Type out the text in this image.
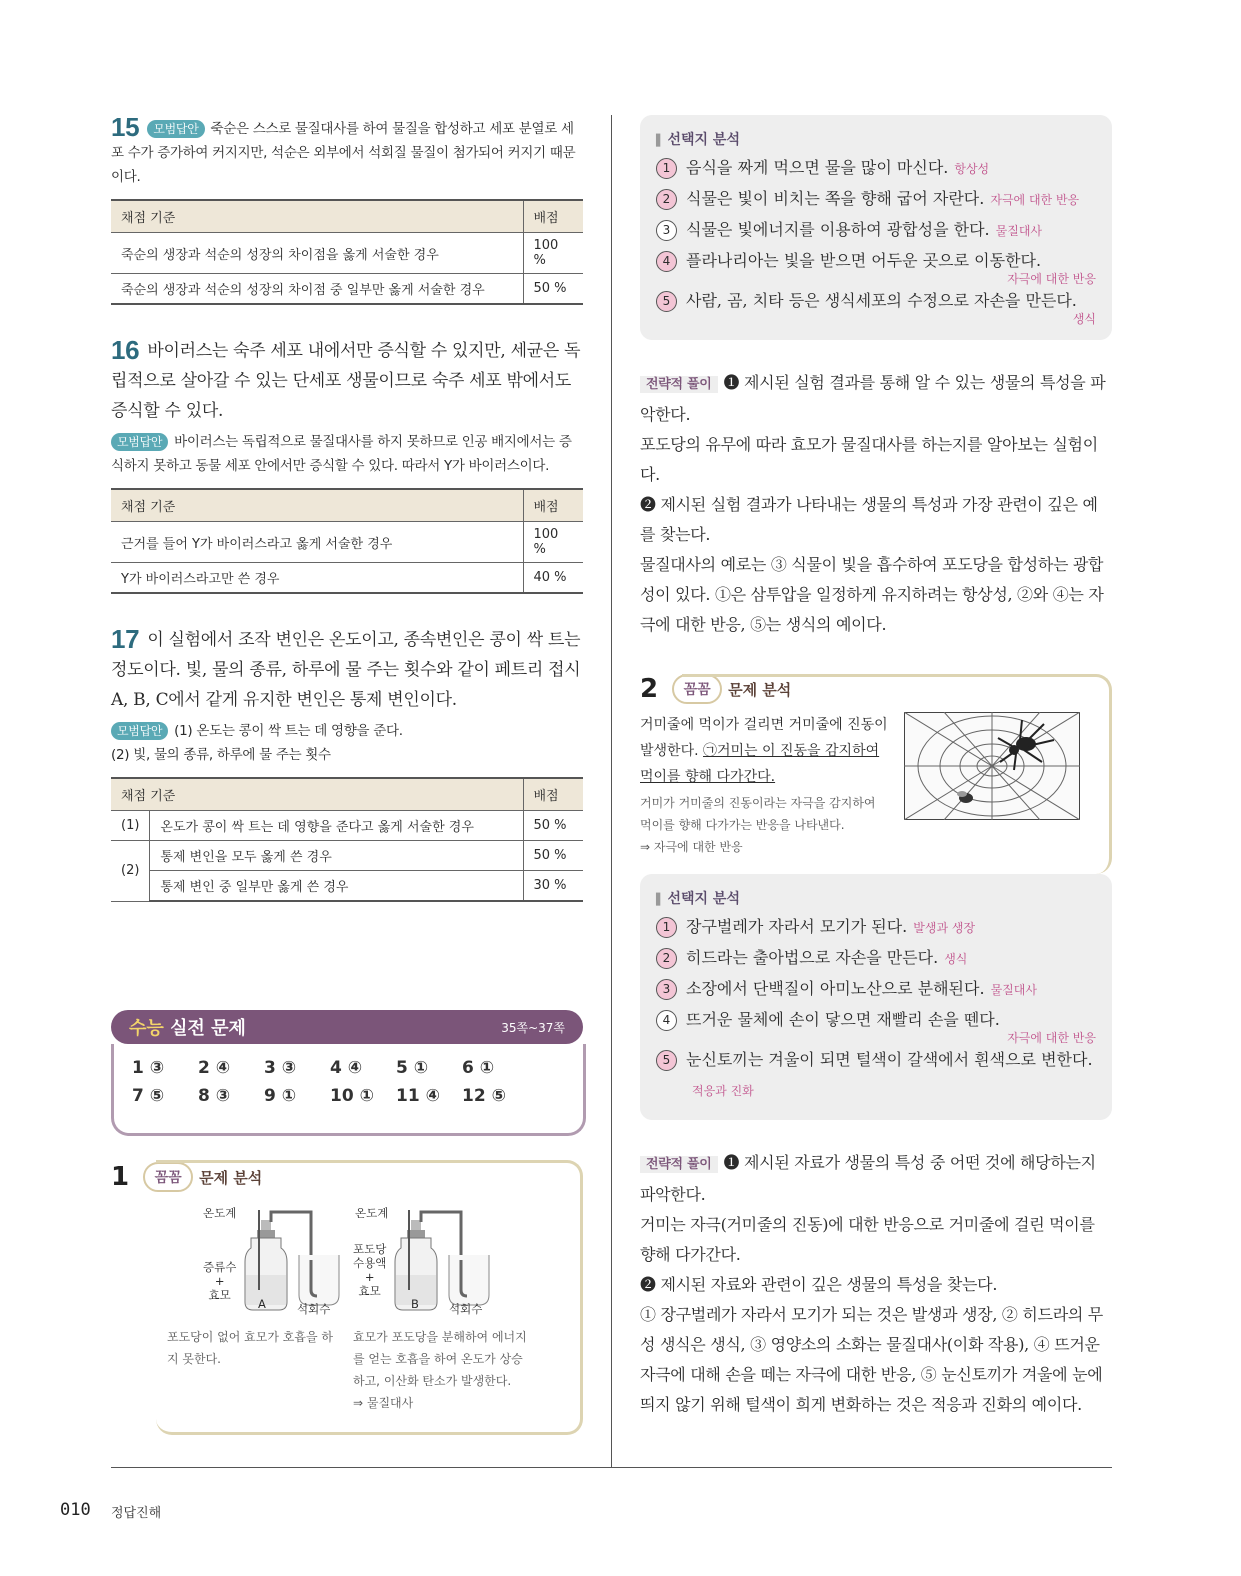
15 모범답안 죽순은 스스로 물질대사를 하여 물질을 합성하고 세포 분열로 세포 수가 증가하여 커지지만, 석순은 외부에서 석회질 물질이 첨가되어 커지기 때문이다.

채점 기준	배점
죽순의 생장과 석순의 성장의 차이점을 옳게 서술한 경우	100 %
죽순의 생장과 석순의 성장의 차이점 중 일부만 옳게 서술한 경우	50 %

16 바이러스는 숙주 세포 내에서만 증식할 수 있지만, 세균은 독립적으로 살아갈 수 있는 단세포 생물이므로 숙주 세포 밖에서도 증식할 수 있다.

모범답안 바이러스는 독립적으로 물질대사를 하지 못하므로 인공 배지에서는 증식하지 못하고 동물 세포 안에서만 증식할 수 있다. 따라서 Y가 바이러스이다.

채점 기준	배점
근거를 들어 Y가 바이러스라고 옳게 서술한 경우	100 %
Y가 바이러스라고만 쓴 경우	40 %

17 이 실험에서 조작 변인은 온도이고, 종속변인은 콩이 싹 트는 정도이다. 빛, 물의 종류, 하루에 물 주는 횟수와 같이 페트리 접시 A, B, C에서 같게 유지한 변인은 통제 변인이다.

모범답안 (1) 온도는 콩이 싹 트는 데 영향을 준다.

(2) 빛, 물의 종류, 하루에 물 주는 횟수

채점 기준		배점
(1)	온도가 콩이 싹 트는 데 영향을 준다고 옳게 서술한 경우	50 %
(2)	통제 변인을 모두 옳게 쓴 경우	50 %
	통제 변인 중 일부만 옳게 쓴 경우	30 %
수능 실전 문제	35쪽~37쪽
1 ③	2 ④	3 ③	4 ④	5 ①	6 ①
7 ⑤	8 ③	9 ①	10 ①	11 ④	12 ⑤
1	꼼꼼	문제 분석
온도계
증류수
+
효모
A	석회수
온도계
포도당
수용액
+
효모
B	석회수
포도당이 없어 효모가 호흡을 하지 못한다.
효모가 포도당을 분해하여 에너지를 얻는 호흡을 하여 온도가 상승하고, 이산화 탄소가 발생한다.
⇒ 물질대사
010 정답진해
▌ 선택지 분석
1 음식을 짜게 먹으면 물을 많이 마신다. 항상성
2 식물은 빛이 비치는 쪽을 향해 굽어 자란다. 자극에 대한 반응
3 식물은 빛에너지를 이용하여 광합성을 한다. 물질대사
4 플라나리아는 빛을 받으면 어두운 곳으로 이동한다.
자극에 대한 반응
5 사람, 곰, 치타 등은 생식세포의 수정으로 자손을 만든다.
생식

전략적 풀이 ❶ 제시된 실험 결과를 통해 알 수 있는 생물의 특성을 파악한다.

포도당의 유무에 따라 효모가 물질대사를 하는지를 알아보는 실험이다.

❷ 제시된 실험 결과가 나타내는 생물의 특성과 가장 관련이 깊은 예를 찾는다.

물질대사의 예로는 ③ 식물이 빛을 흡수하여 포도당을 합성하는 광합성이 있다. ①은 삼투압을 일정하게 유지하려는 항상성, ②와 ④는 자극에 대한 반응, ⑤는 생식의 예이다.

2	꼼꼼	문제 분석
거미줄에 먹이가 걸리면 거미줄에 진동이 발생한다. ㉠거미는 이 진동을 감지하여 먹이를 향해 다가간다.
거미가 거미줄의 진동이라는 자극을 감지하여 먹이를 향해 다가가는 반응을 나타낸다.
⇒ 자극에 대한 반응
▌ 선택지 분석
1 장구벌레가 자라서 모기가 된다. 발생과 생장
2 히드라는 출아법으로 자손을 만든다. 생식
3 소장에서 단백질이 아미노산으로 분해된다. 물질대사
4 뜨거운 물체에 손이 닿으면 재빨리 손을 뗀다.
자극에 대한 반응
5 눈신토끼는 겨울이 되면 털색이 갈색에서 흰색으로 변한다.적응과 진화

전략적 풀이 ❶ 제시된 자료가 생물의 특성 중 어떤 것에 해당하는지 파악한다.

거미는 자극(거미줄의 진동)에 대한 반응으로 거미줄에 걸린 먹이를 향해 다가간다.

❷ 제시된 자료와 관련이 깊은 생물의 특성을 찾는다.

① 장구벌레가 자라서 모기가 되는 것은 발생과 생장, ② 히드라의 무성 생식은 생식, ③ 영양소의 소화는 물질대사(이화 작용), ④ 뜨거운 자극에 대해 손을 떼는 자극에 대한 반응, ⑤ 눈신토끼가 겨울에 눈에 띄지 않기 위해 털색이 희게 변화하는 것은 적응과 진화의 예이다.
